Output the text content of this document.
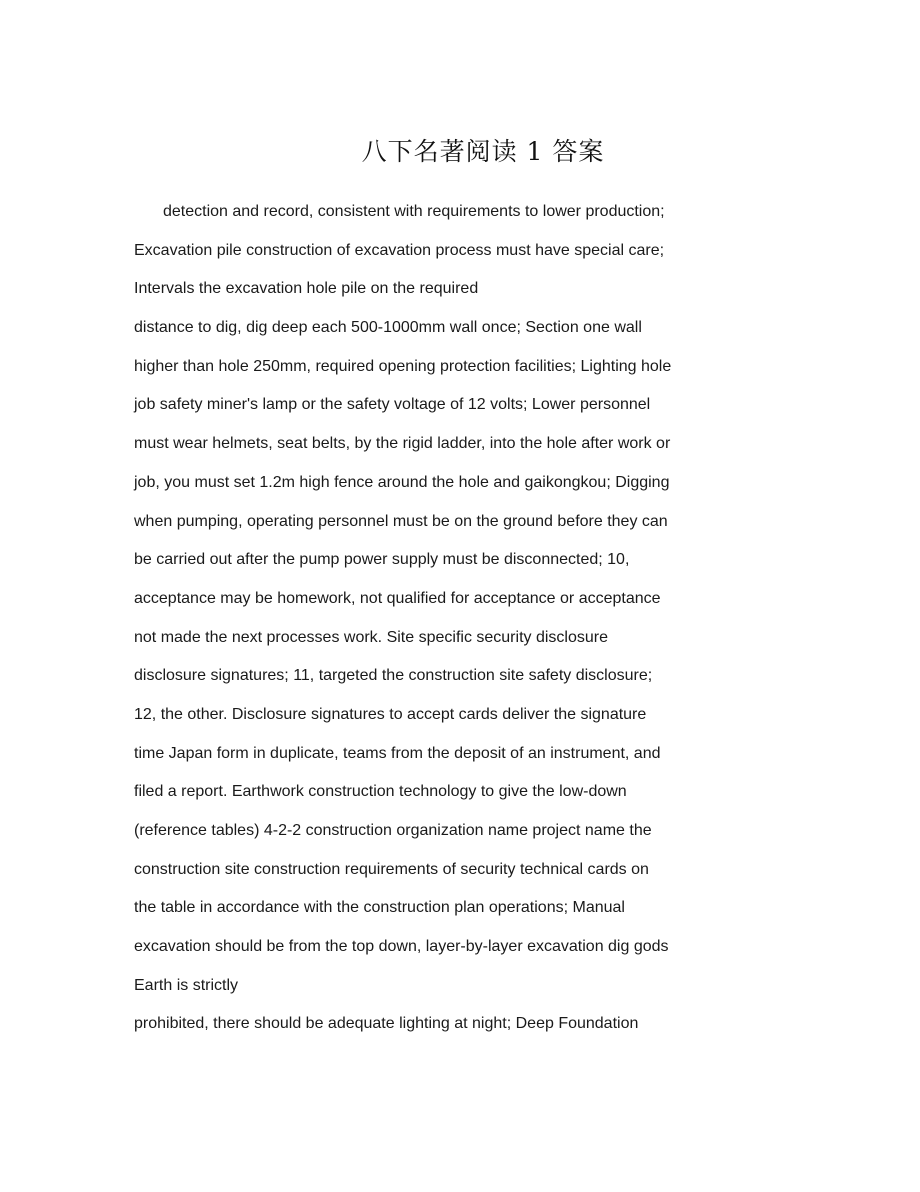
八下名著阅读 1 答案
detection and record, consistent with requirements to lower production;
Excavation pile construction of excavation process must have special care;
Intervals the excavation hole pile on the required
distance to dig, dig deep each 500-1000mm wall once; Section one wall
higher than hole 250mm, required opening protection facilities; Lighting hole
job safety miner's lamp or the safety voltage of 12 volts; Lower personnel
must wear helmets, seat belts, by the rigid ladder, into the hole after work or
job, you must set 1.2m high fence around the hole and gaikongkou; Digging
when pumping, operating personnel must be on the ground before they can
be carried out after the pump power supply must be disconnected; 10,
acceptance may be homework, not qualified for acceptance or acceptance
not made the next processes work. Site specific security disclosure
disclosure signatures; 11, targeted the construction site safety disclosure;
12, the other. Disclosure signatures to accept cards deliver the signature
time Japan form in duplicate, teams from the deposit of an instrument, and
filed a report. Earthwork construction technology to give the low-down
(reference tables) 4-2-2 construction organization name project name the
construction site construction requirements of security technical cards on
the table in accordance with the construction plan operations; Manual
excavation should be from the top down, layer-by-layer excavation dig gods
Earth is strictly
prohibited, there should be adequate lighting at night; Deep Foundation
